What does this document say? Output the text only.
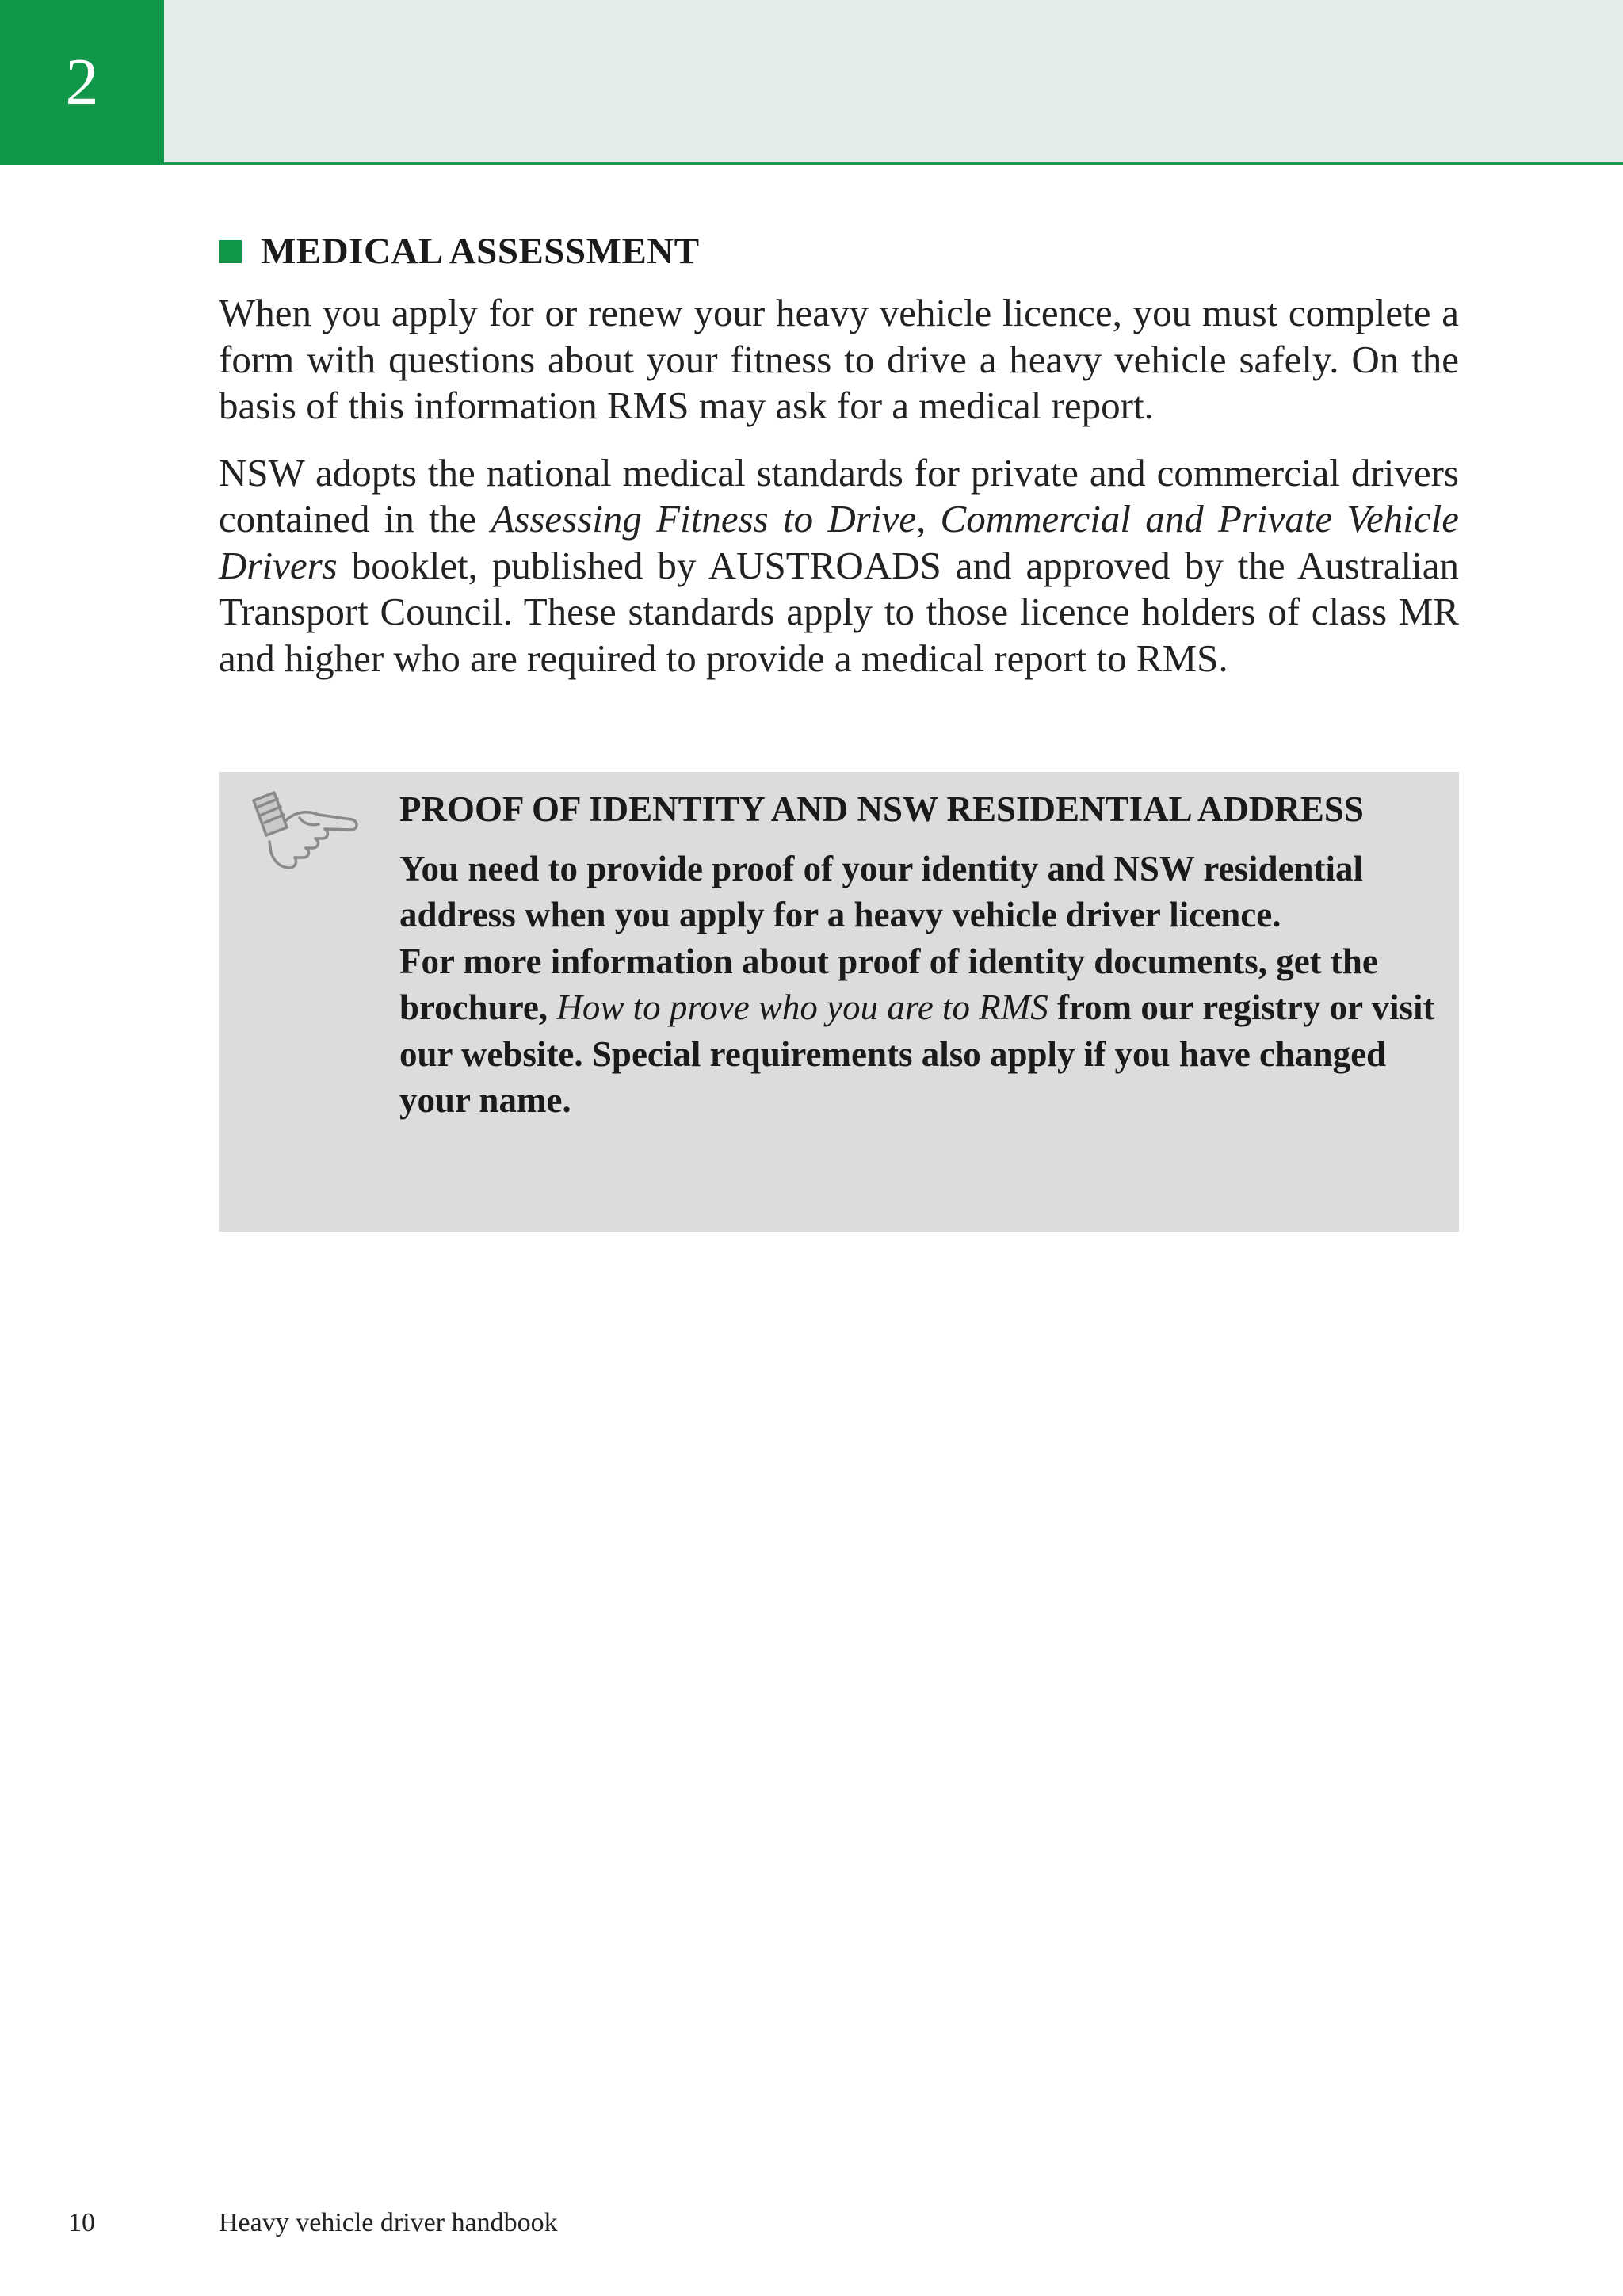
2
MEDICAL ASSESSMENT

When you apply for or renew your heavy vehicle licence, you must complete a form with questions about your fitness to drive a heavy vehicle safely. On the basis of this information RMS may ask for a medical report.

NSW adopts the national medical standards for private and commercial drivers contained in the Assessing Fitness to Drive, Commercial and Private Vehicle Drivers booklet, published by AUSTROADS and approved by the Australian Transport Council. These standards apply to those licence holders of class MR and higher who are required to provide a medical report to RMS.

PROOF OF IDENTITY AND NSW RESIDENTIAL ADDRESS

You need to provide proof of your identity and NSW residential address when you apply for a heavy vehicle driver licence.

For more information about proof of identity documents, get the brochure, How to prove who you are to RMS from our registry or visit our website. Special requirements also apply if you have changed your name.

10	Heavy vehicle driver handbook
